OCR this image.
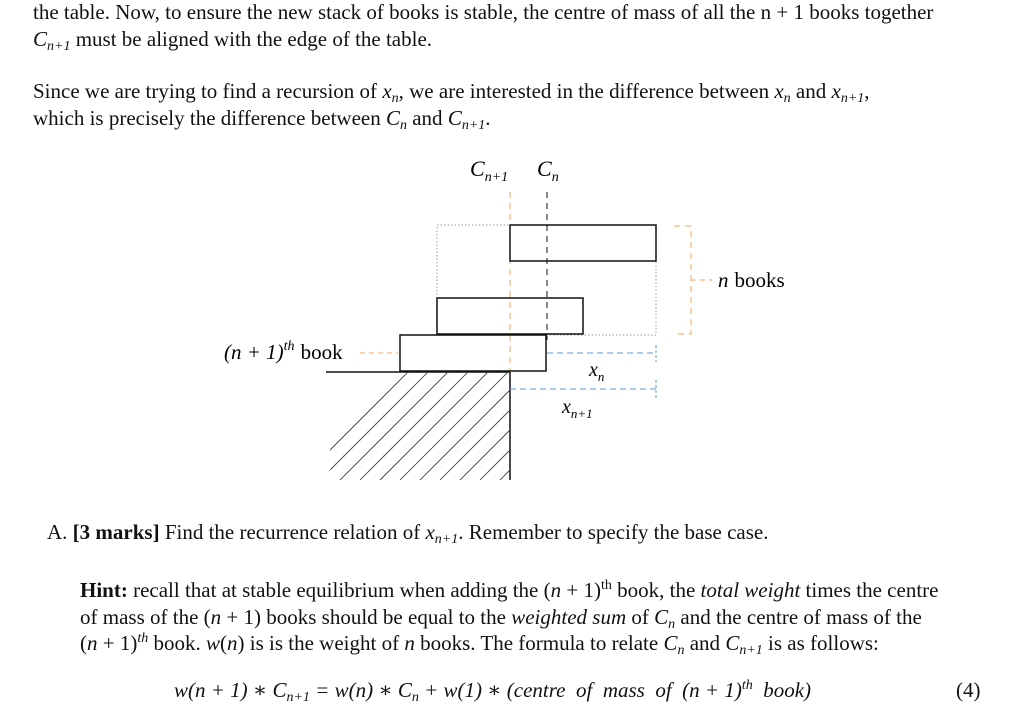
the table. Now, to ensure the new stack of books is stable, the centre of mass of all the n + 1 books together
$C_{n+1}$ must be aligned with the edge of the table.
Since we are trying to find a recursion of $x_n$, we are interested in the difference between $x_n$ and $x_{n+1}$,
which is precisely the difference between $C_n$ and $C_{n+1}$.
$C_{n+1}$ $C_n$
n books
$(n + 1)^{th}$ book
$x_n$
$x_{n+1}$
A. [3 marks] Find the recurrence relation of $x_{n+1}$. Remember to specify the base case.
Hint: recall that at stable equilibrium when adding the $(n + 1)^{th}$ book, the total weight times the centre
of mass of the (n + 1) books should be equal to the weighted sum of $C_n$ and the centre of mass of the
$(n + 1)^{th}$ book. w(n) is is the weight of n books. The formula to relate $C_n$ and $C_{n+1}$ is as follows:
w(n + 1) ∗ $C_{n+1} = w(n)$ ∗ $C_n + w(1)$ ∗ (centre  of  mass  of  $(n + 1)^{th}$  book)	(4)
